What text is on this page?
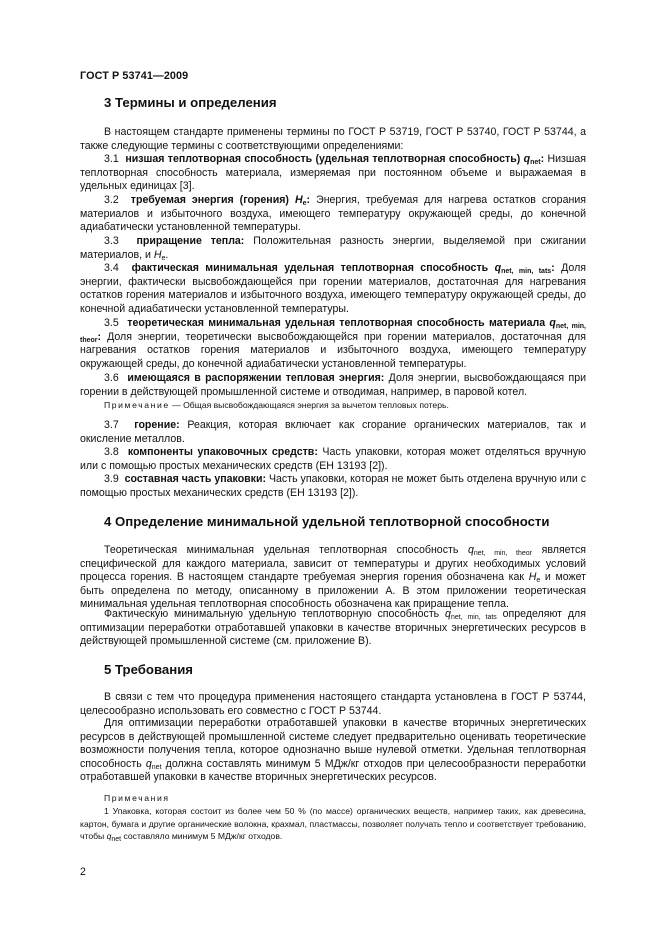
ГОСТ Р 53741—2009
3 Термины и определения
В настоящем стандарте применены термины по ГОСТ Р 53719, ГОСТ Р 53740, ГОСТ Р 53744, а также следующие термины с соответствующими определениями:
3.1 низшая теплотворная способность (удельная теплотворная способность) $q_{net}$: Низшая теплотворная способность материала, измеряемая при постоянном объеме и выражаемая в удельных единицах [3].
3.2 требуемая энергия (горения) $H_e$: Энергия, требуемая для нагрева остатков сгорания материалов и избыточного воздуха, имеющего температуру окружающей среды, до конечной адиабатически установленной температуры.
3.3 приращение тепла: Положительная разность энергии, выделяемой при сжигании материалов, и $H_e$.
3.4 фактическая минимальная удельная теплотворная способность $q_{net, min, tats}$: Доля энергии, фактически высвобождающейся при горении материалов, достаточная для нагревания остатков горения материалов и избыточного воздуха, имеющего температуру окружающей среды, до конечной адиабатически установленной температуры.
3.5 теоретическая минимальная удельная теплотворная способность материала $q_{net, min, theor}$: Доля энергии, теоретически высвобождающейся при горении материалов, достаточная для нагревания остатков горения материалов и избыточного воздуха, имеющего температуру окружающей среды, до конечной адиабатически установленной температуры.
3.6 имеющаяся в распоряжении тепловая энергия: Доля энергии, высвобождающаяся при горении в действующей промышленной системе и отводимая, например, в паровой котел.
Примечание — Общая высвобождающаяся энергия за вычетом тепловых потерь.
3.7 горение: Реакция, которая включает как сгорание органических материалов, так и окисление металлов.
3.8 компоненты упаковочных средств: Часть упаковки, которая может отделяться вручную или с помощью простых механических средств (ЕН 13193 [2]).
3.9 составная часть упаковки: Часть упаковки, которая не может быть отделена вручную или с помощью простых механических средств (ЕН 13193 [2]).
4 Определение минимальной удельной теплотворной способности
Теоретическая минимальная удельная теплотворная способность $q_{net, min, theor}$ является специфической для каждого материала, зависит от температуры и других необходимых условий процесса горения. В настоящем стандарте требуемая энергия горения обозначена как $H_e$ и может быть определена по методу, описанному в приложении А. В этом приложении теоретическая минимальная удельная теплотворная способность обозначена как приращение тепла.
Фактическую минимальную удельную теплотворную способность $q_{net, min, tats}$ определяют для оптимизации переработки отработавшей упаковки в качестве вторичных энергетических ресурсов в действующей промышленной системе (см. приложение В).
5 Требования
В связи с тем что процедура применения настоящего стандарта установлена в ГОСТ Р 53744, целесообразно использовать его совместно с ГОСТ Р 53744.
Для оптимизации переработки отработавшей упаковки в качестве вторичных энергетических ресурсов в действующей промышленной системе следует предварительно оценивать теоретические возможности получения тепла, которое однозначно выше нулевой отметки. Удельная теплотворная способность $q_{net}$ должна составлять минимум 5 МДж/кг отходов при целесообразности переработки отработавшей упаковки в качестве вторичных энергетических ресурсов.
Примечания
1 Упаковка, которая состоит из более чем 50 % (по массе) органических веществ, например таких, как древесина, картон, бумага и другие органические волокна, крахмал, пластмассы, позволяет получать тепло и соответствует требованию, чтобы $q_{net}$ составляло минимум 5 МДж/кг отходов.
2
